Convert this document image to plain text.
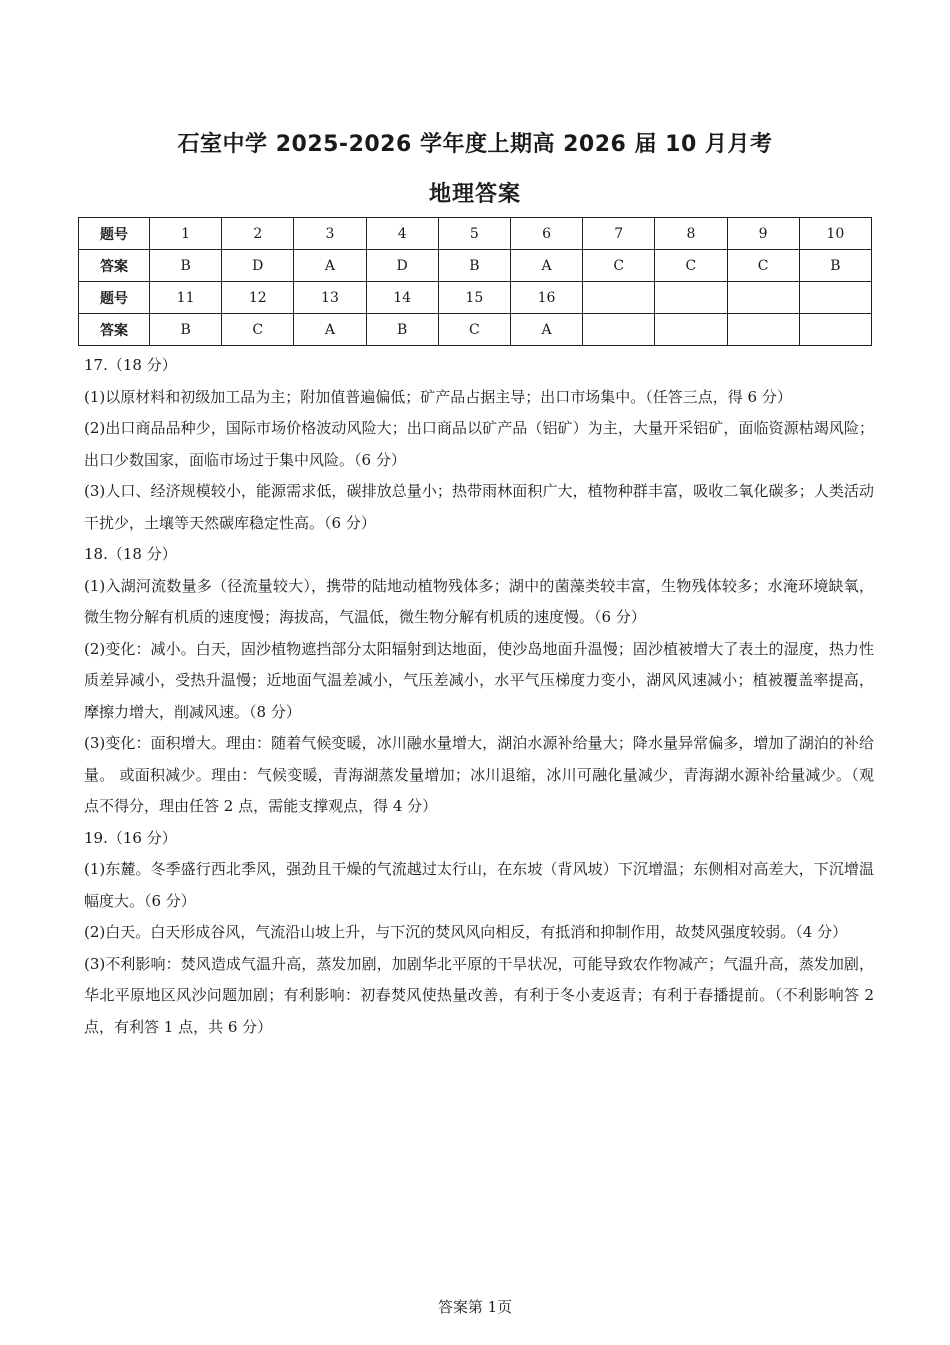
石室中学 2025-2026 学年度上期高 2026 届 10 月月考
地理答案
题号	1	2	3	4	5	6	7	8	9	10
答案	B	D	A	D	B	A	C	C	C	B
题号	11	12	13	14	15	16				
答案	B	C	A	B	C	A				

17.（18 分）

(1)以原材料和初级加工品为主；附加值普遍偏低；矿产品占据主导；出口市场集中。（任答三点，得 6 分）

(2)出口商品品种少，国际市场价格波动风险大；出口商品以矿产品（铝矿）为主，大量开采铝矿，面临资源枯竭风险；出口少数国家，面临市场过于集中风险。（6 分）

(3)人口、经济规模较小，能源需求低，碳排放总量小；热带雨林面积广大，植物种群丰富，吸收二氧化碳多；人类活动干扰少，土壤等天然碳库稳定性高。（6 分）

18.（18 分）

(1)入湖河流数量多（径流量较大），携带的陆地动植物残体多；湖中的菌藻类较丰富，生物残体较多；水淹环境缺氧，微生物分解有机质的速度慢；海拔高，气温低，微生物分解有机质的速度慢。（6 分）

(2)变化：减小。白天，固沙植物遮挡部分太阳辐射到达地面，使沙岛地面升温慢；固沙植被增大了表土的湿度，热力性质差异减小，受热升温慢；近地面气温差减小，气压差减小，水平气压梯度力变小，湖风风速减小；植被覆盖率提高，摩擦力增大，削减风速。（8 分）

(3)变化：面积增大。理由：随着气候变暖，冰川融水量增大，湖泊水源补给量大；降水量异常偏多，增加了湖泊的补给量。 或面积减少。理由：气候变暖，青海湖蒸发量增加；冰川退缩，冰川可融化量减少，青海湖水源补给量减少。（观点不得分，理由任答 2 点，需能支撑观点，得 4 分）

19.（16 分）

(1)东麓。冬季盛行西北季风，强劲且干燥的气流越过太行山，在东坡（背风坡）下沉增温；东侧相对高差大，下沉增温幅度大。（6 分）

(2)白天。白天形成谷风，气流沿山坡上升，与下沉的焚风风向相反，有抵消和抑制作用，故焚风强度较弱。（4 分）

(3)不利影响：焚风造成气温升高，蒸发加剧，加剧华北平原的干旱状况，可能导致农作物减产；气温升高，蒸发加剧，华北平原地区风沙问题加剧；有利影响：初春焚风使热量改善，有利于冬小麦返青；有利于春播提前。（不利影响答 2 点，有利答 1 点，共 6 分）

答案第 1页
